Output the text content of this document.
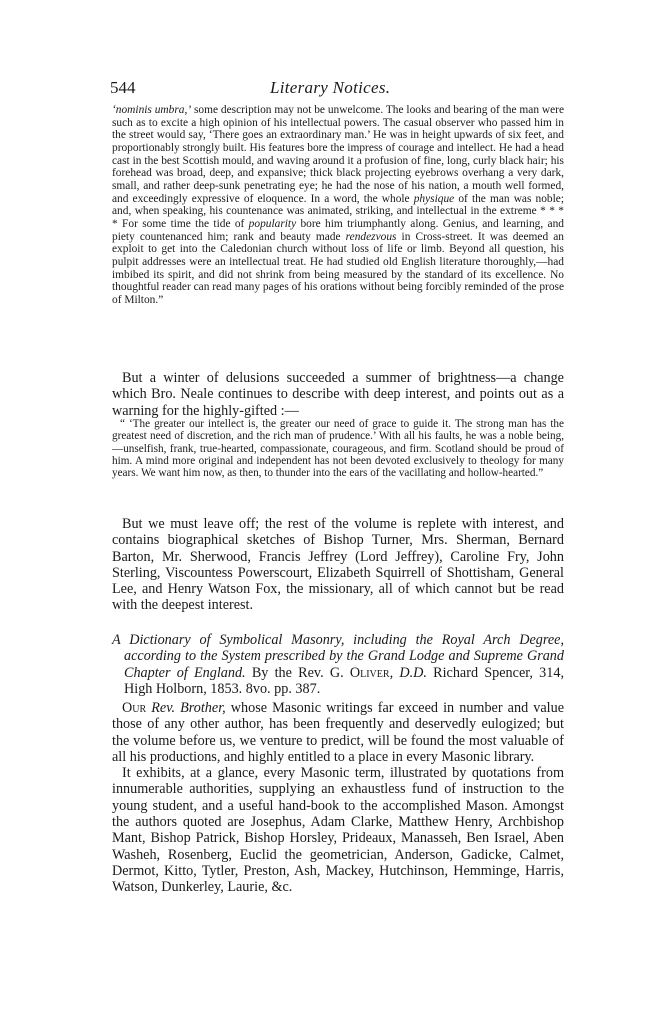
544	Literary Notices.

‘nominis umbra,’ some description may not be unwelcome. The looks and bearing of the man were such as to excite a high opinion of his intellectual powers. The casual observer who passed him in the street would say, ‘There goes an extraordinary man.’ He was in height upwards of six feet, and proportionably strongly built. His features bore the impress of courage and intellect. He had a head cast in the best Scottish mould, and waving around it a profusion of fine, long, curly black hair; his forehead was broad, deep, and expansive; thick black projecting eyebrows overhang a very dark, small, and rather deep-sunk penetrating eye; he had the nose of his nation, a mouth well formed, and exceedingly expressive of eloquence. In a word, the whole physique of the man was noble; and, when speaking, his countenance was animated, striking, and intellectual in the extreme * * * * For some time the tide of popularity bore him triumphantly along. Genius, and learning, and piety countenanced him; rank and beauty made rendezvous in Cross-street. It was deemed an exploit to get into the Caledonian church without loss of life or limb. Beyond all question, his pulpit addresses were an intellectual treat. He had studied old English literature thoroughly,—had imbibed its spirit, and did not shrink from being measured by the standard of its excellence. No thoughtful reader can read many pages of his orations without being forcibly reminded of the prose of Milton.”

But a winter of delusions succeeded a summer of brightness—a change which Bro. Neale continues to describe with deep interest, and points out as a warning for the highly-gifted :—

“ ‘The greater our intellect is, the greater our need of grace to guide it. The strong man has the greatest need of discretion, and the rich man of prudence.’ With all his faults, he was a noble being,—unselfish, frank, true-hearted, compassionate, courageous, and firm. Scotland should be proud of him. A mind more original and independent has not been devoted exclusively to theology for many years. We want him now, as then, to thunder into the ears of the vacillating and hollow-hearted.”

But we must leave off; the rest of the volume is replete with interest, and contains biographical sketches of Bishop Turner, Mrs. Sherman, Bernard Barton, Mr. Sherwood, Francis Jeffrey (Lord Jeffrey), Caroline Fry, John Sterling, Viscountess Powerscourt, Elizabeth Squirrell of Shottisham, General Lee, and Henry Watson Fox, the missionary, all of which cannot but be read with the deepest interest.

A Dictionary of Symbolical Masonry, including the Royal Arch Degree, according to the System prescribed by the Grand Lodge and Supreme Grand Chapter of England. By the Rev. G. Oliver, D.D. Richard Spencer, 314, High Holborn, 1853. 8vo. pp. 387.

Our Rev. Brother, whose Masonic writings far exceed in number and value those of any other author, has been frequently and deservedly eulogized; but the volume before us, we venture to predict, will be found the most valuable of all his productions, and highly entitled to a place in every Masonic library.

It exhibits, at a glance, every Masonic term, illustrated by quotations from innumerable authorities, supplying an exhaustless fund of instruction to the young student, and a useful hand-book to the accomplished Mason. Amongst the authors quoted are Josephus, Adam Clarke, Matthew Henry, Archbishop Mant, Bishop Patrick, Bishop Horsley, Prideaux, Manasseh, Ben Israel, Aben Washeh, Rosenberg, Euclid the geometrician, Anderson, Gadicke, Calmet, Dermot, Kitto, Tytler, Preston, Ash, Mackey, Hutchinson, Hemminge, Harris, Watson, Dunkerley, Laurie, &c.
